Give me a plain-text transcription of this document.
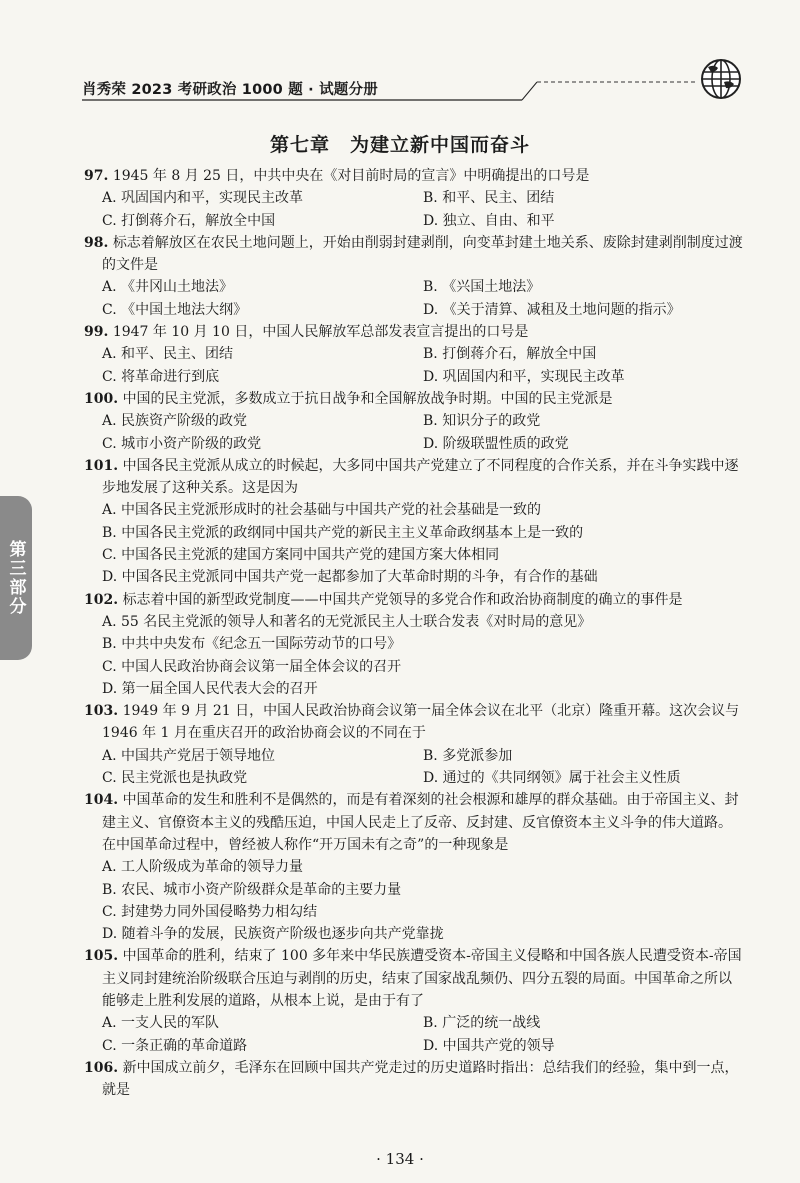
肖秀荣 2023 考研政治 1000 题 · 试题分册
第三部分
第七章　为建立新中国而奋斗
97. 1945 年 8 月 25 日，中共中央在《对目前时局的宣言》中明确提出的口号是
A. 巩固国内和平，实现民主改革	B. 和平、民主、团结
C. 打倒蒋介石，解放全中国	D. 独立、自由、和平
98. 标志着解放区在农民土地问题上，开始由削弱封建剥削，向变革封建土地关系、废除封建剥削制度过渡的文件是
A. 《井冈山土地法》	B. 《兴国土地法》
C. 《中国土地法大纲》	D. 《关于清算、减租及土地问题的指示》
99. 1947 年 10 月 10 日，中国人民解放军总部发表宣言提出的口号是
A. 和平、民主、团结	B. 打倒蒋介石，解放全中国
C. 将革命进行到底	D. 巩固国内和平，实现民主改革
100. 中国的民主党派，多数成立于抗日战争和全国解放战争时期。中国的民主党派是
A. 民族资产阶级的政党	B. 知识分子的政党
C. 城市小资产阶级的政党	D. 阶级联盟性质的政党
101. 中国各民主党派从成立的时候起，大多同中国共产党建立了不同程度的合作关系，并在斗争实践中逐步地发展了这种关系。这是因为
A. 中国各民主党派形成时的社会基础与中国共产党的社会基础是一致的
B. 中国各民主党派的政纲同中国共产党的新民主主义革命政纲基本上是一致的
C. 中国各民主党派的建国方案同中国共产党的建国方案大体相同
D. 中国各民主党派同中国共产党一起都参加了大革命时期的斗争，有合作的基础
102. 标志着中国的新型政党制度——中国共产党领导的多党合作和政治协商制度的确立的事件是
A. 55 名民主党派的领导人和著名的无党派民主人士联合发表《对时局的意见》
B. 中共中央发布《纪念五一国际劳动节的口号》
C. 中国人民政治协商会议第一届全体会议的召开
D. 第一届全国人民代表大会的召开
103. 1949 年 9 月 21 日，中国人民政治协商会议第一届全体会议在北平（北京）隆重开幕。这次会议与 1946 年 1 月在重庆召开的政治协商会议的不同在于
A. 中国共产党居于领导地位	B. 多党派参加
C. 民主党派也是执政党	D. 通过的《共同纲领》属于社会主义性质
104. 中国革命的发生和胜利不是偶然的，而是有着深刻的社会根源和雄厚的群众基础。由于帝国主义、封建主义、官僚资本主义的残酷压迫，中国人民走上了反帝、反封建、反官僚资本主义斗争的伟大道路。在中国革命过程中，曾经被人称作“开万国未有之奇”的一种现象是
A. 工人阶级成为革命的领导力量
B. 农民、城市小资产阶级群众是革命的主要力量
C. 封建势力同外国侵略势力相勾结
D. 随着斗争的发展，民族资产阶级也逐步向共产党靠拢
105. 中国革命的胜利，结束了 100 多年来中华民族遭受资本-帝国主义侵略和中国各族人民遭受资本-帝国主义同封建统治阶级联合压迫与剥削的历史，结束了国家战乱频仍、四分五裂的局面。中国革命之所以能够走上胜利发展的道路，从根本上说，是由于有了
A. 一支人民的军队	B. 广泛的统一战线
C. 一条正确的革命道路	D. 中国共产党的领导
106. 新中国成立前夕，毛泽东在回顾中国共产党走过的历史道路时指出：总结我们的经验，集中到一点，就是
· 134 ·
